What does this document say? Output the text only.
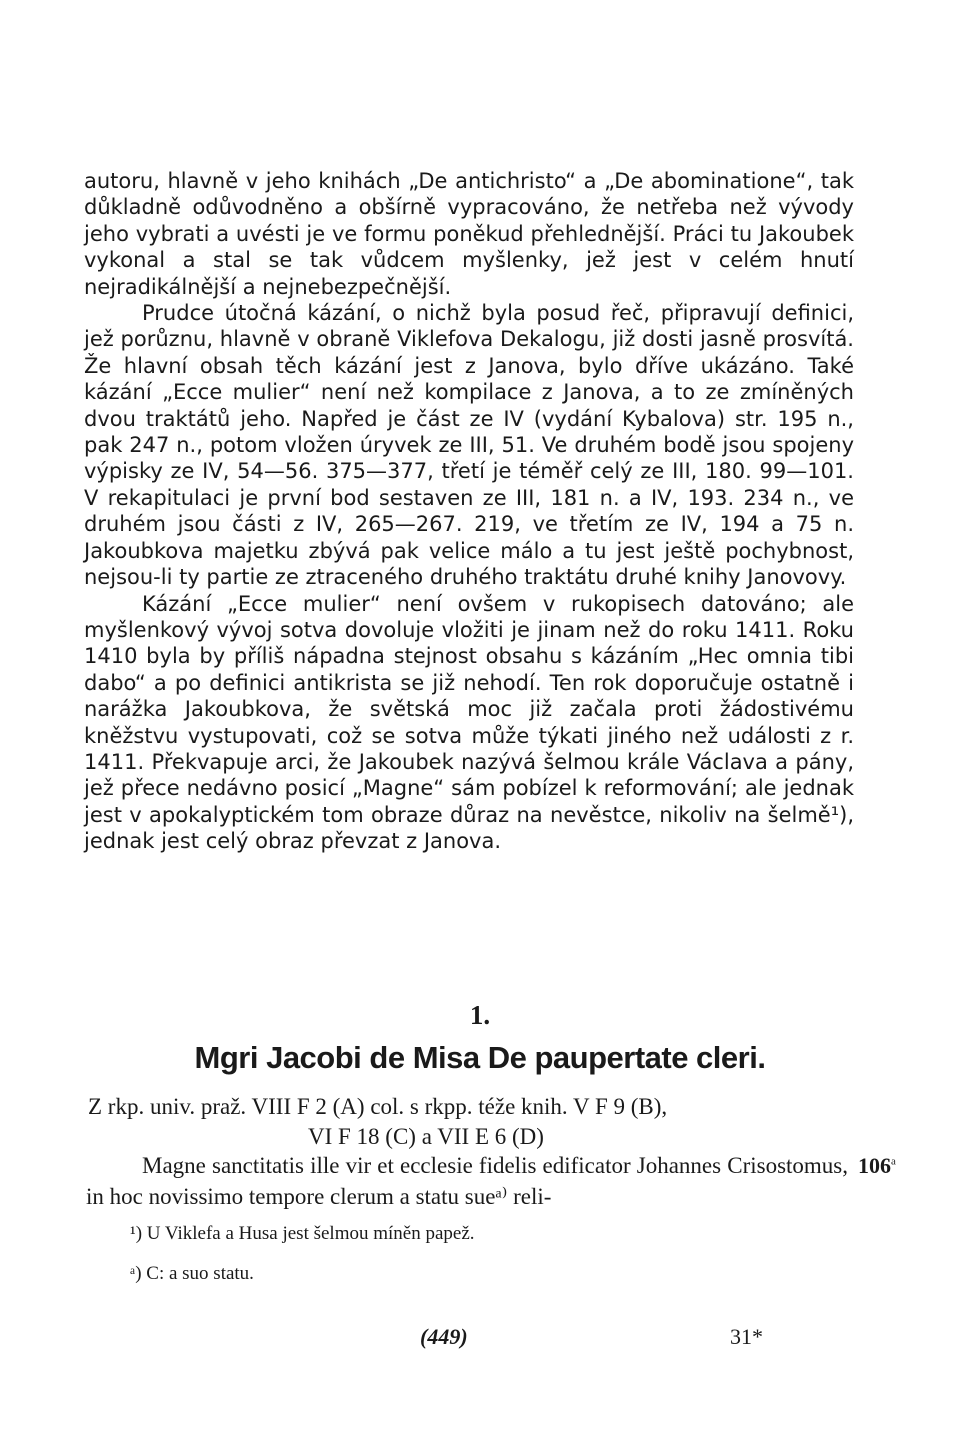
autoru, hlavně v jeho knihách „De antichristo“ a „De abominatione“, tak důkladně odůvodněno a obšírně vypracováno, že netřeba než vývody jeho vybrati a uvésti je ve formu poněkud přehlednější. Práci tu Jakoubek vykonal a stal se tak vůdcem myšlenky, jež jest v celém hnutí nejradikálnější a nejnebezpečnější.

Prudce útočná kázání, o nichž byla posud řeč, připravují definici, jež porůznu, hlavně v obraně Viklefova Dekalogu, již dosti jasně prosvítá. Že hlavní obsah těch kázání jest z Janova, bylo dříve ukázáno. Také kázání „Ecce mulier“ není než kompilace z Janova, a to ze zmíněných dvou traktátů jeho. Napřed je část ze IV (vydání Kybalova) str. 195 n., pak 247 n., potom vložen úryvek ze III, 51. Ve druhém bodě jsou spojeny výpisky ze IV, 54—56. 375—377, třetí je téměř celý ze III, 180. 99—101. V rekapitulaci je první bod sestaven ze III, 181 n. a IV, 193. 234 n., ve druhém jsou části z IV, 265—267. 219, ve třetím ze IV, 194 a 75 n. Jakoubkova majetku zbývá pak velice málo a tu jest ještě pochybnost, nejsou-li ty partie ze ztraceného druhého traktátu druhé knihy Janovovy.

Kázání „Ecce mulier“ není ovšem v rukopisech datováno; ale myšlenkový vývoj sotva dovoluje vložiti je jinam než do roku 1411. Roku 1410 byla by příliš nápadna stejnost obsahu s kázáním „Hec omnia tibi dabo“ a po definici antikrista se již nehodí. Ten rok doporučuje ostatně i narážka Jakoubkova, že světská moc již začala proti žádostivému kněžstvu vystupovati, což se sotva může týkati jiného než události z r. 1411. Překvapuje arci, že Jakoubek nazývá šelmou krále Václava a pány, jež přece nedávno posicí „Magne“ sám pobízel k reformování; ale jednak jest v apokalyptickém tom obraze důraz na nevěstce, nikoliv na šelmě¹), jednak jest celý obraz převzat z Janova.

1.
Mgri Jacobi de Misa De paupertate cleri.
Z rkp. univ. praž. VIII F 2 (A) col. s rkpp. téže knih. V F 9 (B),
VI F 18 (C) a VII E 6 (D)
Magne sanctitatis ille vir et ecclesie fidelis edificator Johannes Crisostomus, in hoc novissimo tempore clerum a statu sueᵃ⁾ reli-
106$^a$
¹) U Viklefa a Husa jest šelmou míněn papež.
ᵃ) C: a suo statu.
(449)	31*
